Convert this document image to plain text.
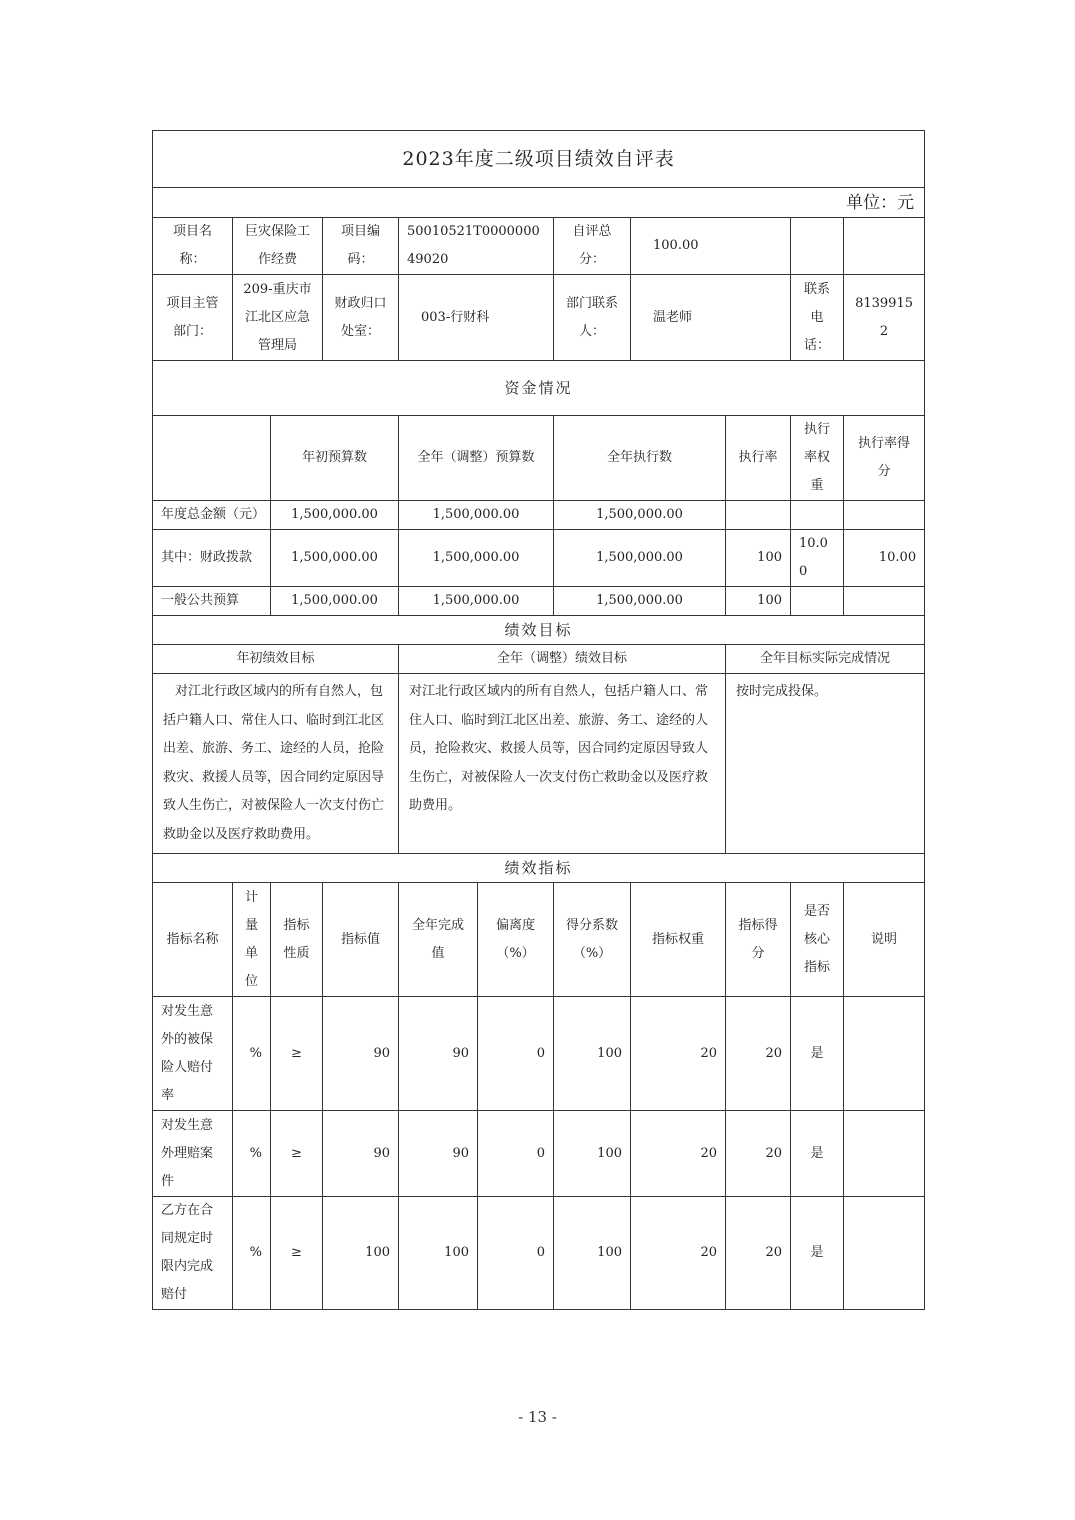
2023年度二级项目绩效自评表										
单位：元										
项目名称：	巨灾保险工作经费		项目编码：	50010521T000000049020		自评总分：	100.00			
项目主管部门：	209-重庆市江北区应急管理局		财政归口处室：	003-行财科		部门联系人：	温老师		联系电话：	81399152
资金情况										
		年初预算数		全年（调整）预算数		全年执行数		执行率	执行率权重	执行率得分
年度总金额（元）		1,500,000.00		1,500,000.00		1,500,000.00				
其中：财政拨款		1,500,000.00		1,500,000.00		1,500,000.00		100	10.00	10.00
一般公共预算		1,500,000.00		1,500,000.00		1,500,000.00		100		
绩效目标										
年初绩效目标				全年（调整）绩效目标				全年目标实际完成情况		
对江北行政区域内的所有自然人，包括户籍人口、常住人口、临时到江北区出差、旅游、务工、途经的人员，抢险救灾、救援人员等，因合同约定原因导致人生伤亡，对被保险人一次支付伤亡救助金以及医疗救助费用。				对江北行政区域内的所有自然人，包括户籍人口、常住人口、临时到江北区出差、旅游、务工、途经的人员，抢险救灾、救援人员等，因合同约定原因导致人生伤亡，对被保险人一次支付伤亡救助金以及医疗救助费用。				按时完成投保。		
绩效指标										
指标名称	计量单位	指标性质	指标值	全年完成值	偏离度（%）	得分系数（%）	指标权重	指标得分	是否核心指标	说明
对发生意外的被保险人赔付率	%	≥	90	90	0	100	20	20	是	
对发生意外理赔案件	%	≥	90	90	0	100	20	20	是	
乙方在合同规定时限内完成赔付	%	≥	100	100	0	100	20	20	是	
- 13 -
